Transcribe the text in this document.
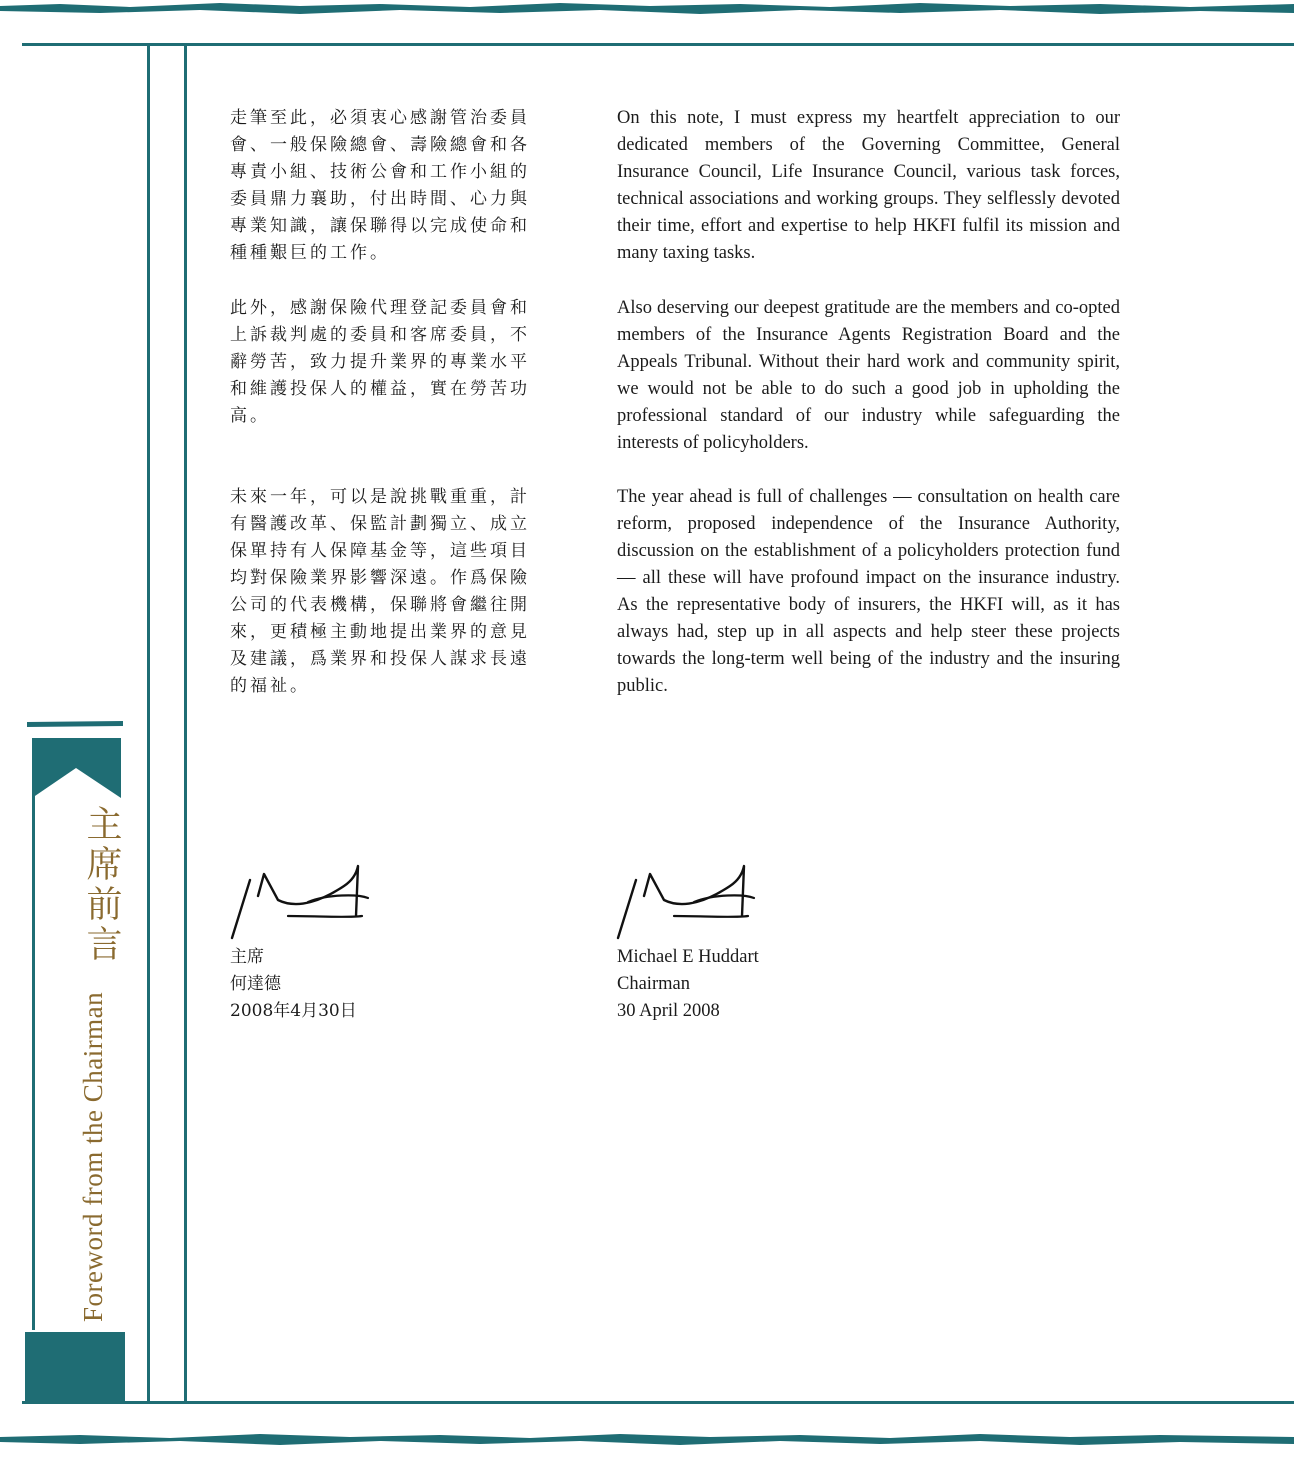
主席前言
Foreword from the Chairman
5
走筆至此，必須衷心感謝管治委員會、一般保險總會、壽險總會和各專責小組、技術公會和工作小組的委員鼎力襄助，付出時間、心力與專業知識，讓保聯得以完成使命和種種艱巨的工作。
此外，感謝保險代理登記委員會和上訴裁判處的委員和客席委員，不辭勞苦，致力提升業界的專業水平和維護投保人的權益，實在勞苦功高。
未來一年，可以是說挑戰重重，計有醫護改革、保監計劃獨立、成立保單持有人保障基金等，這些項目均對保險業界影響深遠。作爲保險公司的代表機構，保聯將會繼往開來，更積極主動地提出業界的意見及建議，爲業界和投保人謀求長遠的福祉。
On this note, I must express my heartfelt appreciation to our dedicated members of the Governing Committee, General Insurance Council, Life Insurance Council, various task forces, technical associations and working groups. They selflessly devoted their time, effort and expertise to help HKFI fulfil its mission and many taxing tasks.
Also deserving our deepest gratitude are the members and co-opted members of the Insurance Agents Registration Board and the Appeals Tribunal. Without their hard work and community spirit, we would not be able to do such a good job in upholding the professional standard of our industry while safeguarding the interests of policyholders.
The year ahead is full of challenges — consultation on health care reform, proposed independence of the Insurance Authority, discussion on the establishment of a policyholders protection fund — all these will have profound impact on the insurance industry. As the representative body of insurers, the HKFI will, as it has always had, step up in all aspects and help steer these projects towards the long-term well being of the industry and the insuring public.
主席
何達德
2008年4月30日
Michael E Huddart
Chairman
30 April 2008
